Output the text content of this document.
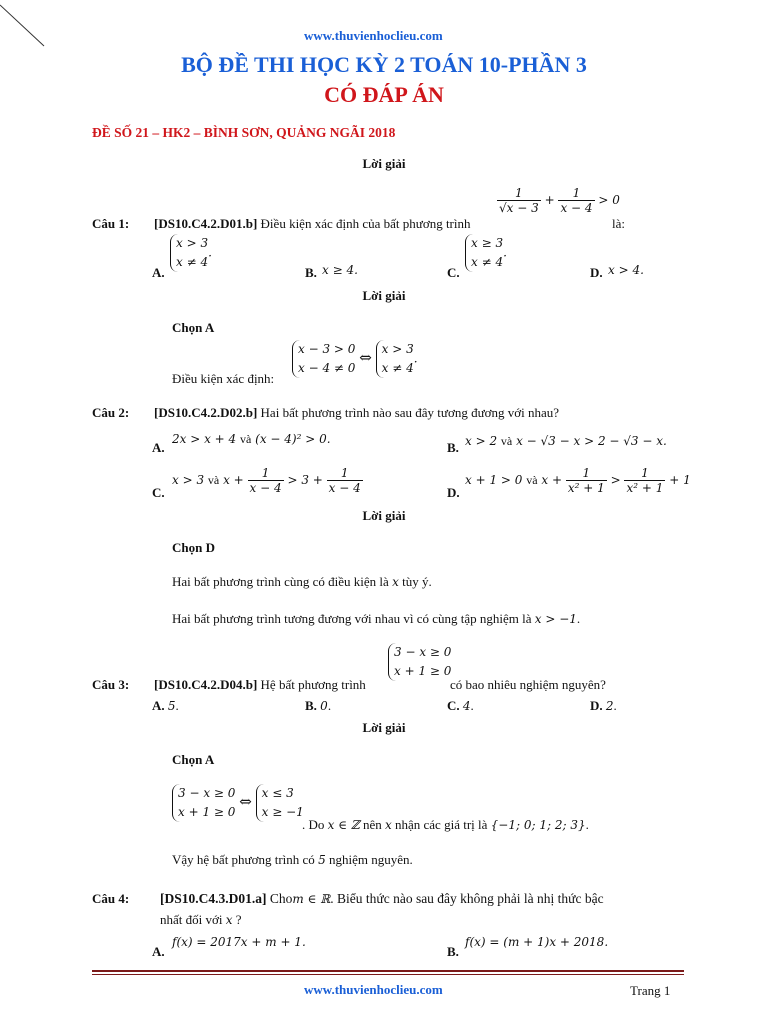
www.thuvienhoclieu.com
BỘ ĐỀ THI HỌC KỲ 2 TOÁN 10-PHẦN 3
CÓ ĐÁP ÁN
ĐỀ SỐ 21 – HK2 – BÌNH SƠN, QUẢNG NGÃI 2018
Lời giải
Câu 1: [DS10.C4.2.D01.b] Điều kiện xác định của bất phương trình
$\frac{1}{√x - 3} + \frac{1}{x - 4} > 0$
là:
A.
x > 3
x ≠ 4.
B. x ≥ 4.	C.
x ≥ 3
x ≠ 4.
D. x > 4.
Lời giải
Chọn A
Điều kiện xác định:
x − 3 > 0
x − 4 ≠ 0 ⇔ x > 3
x ≠ 4.
Câu 2: [DS10.C4.2.D02.b] Hai bất phương trình nào sau đây tương đương với nhau?
A.
2x > x + 4 và (x − 4)² > 0.
B. x > 2 và x − √3 − x > 2 − √3 − x.
C.
x > 3 và $x + \frac{1}{x - 4} > 3 + \frac{1}{x - 4}$	D.
x + 1 > 0 và $x + \frac{1}{\text{x² + 1}} > \frac{1}{\text{x² + 1}} + 1$
Lời giải
Chọn D
Hai bất phương trình cùng có điều kiện là x tùy ý.
Hai bất phương trình tương đương với nhau vì có cùng tập nghiệm là x > −1.
Câu 3: [DS10.C4.2.D04.b] Hệ bất phương trình
3 − x ≥ 0
x + 1 ≥ 0
có bao nhiêu nghiệm nguyên?
A. 5.	B. 0.	C. 4.	D. 2.
Lời giải
Chọn A
3 − x ≥ 0
x + 1 ≥ 0 ⇔ x ≤ 3
x ≥ −1
. Do x ∈ ℤ nên x nhận các giá trị là {−1; 0; 1; 2; 3}.
Vậy hệ bất phương trình có 5 nghiệm nguyên.
Câu 4: [DS10.C4.3.D01.a] Chom ∈ ℝ. Biểu thức nào sau đây không phải là nhị thức bậc
nhất đối với x ?
A.
f(x) = 2017x + m + 1.
B.
f(x) = (m + 1)x + 2018.
www.thuvienhoclieu.com	Trang 1
